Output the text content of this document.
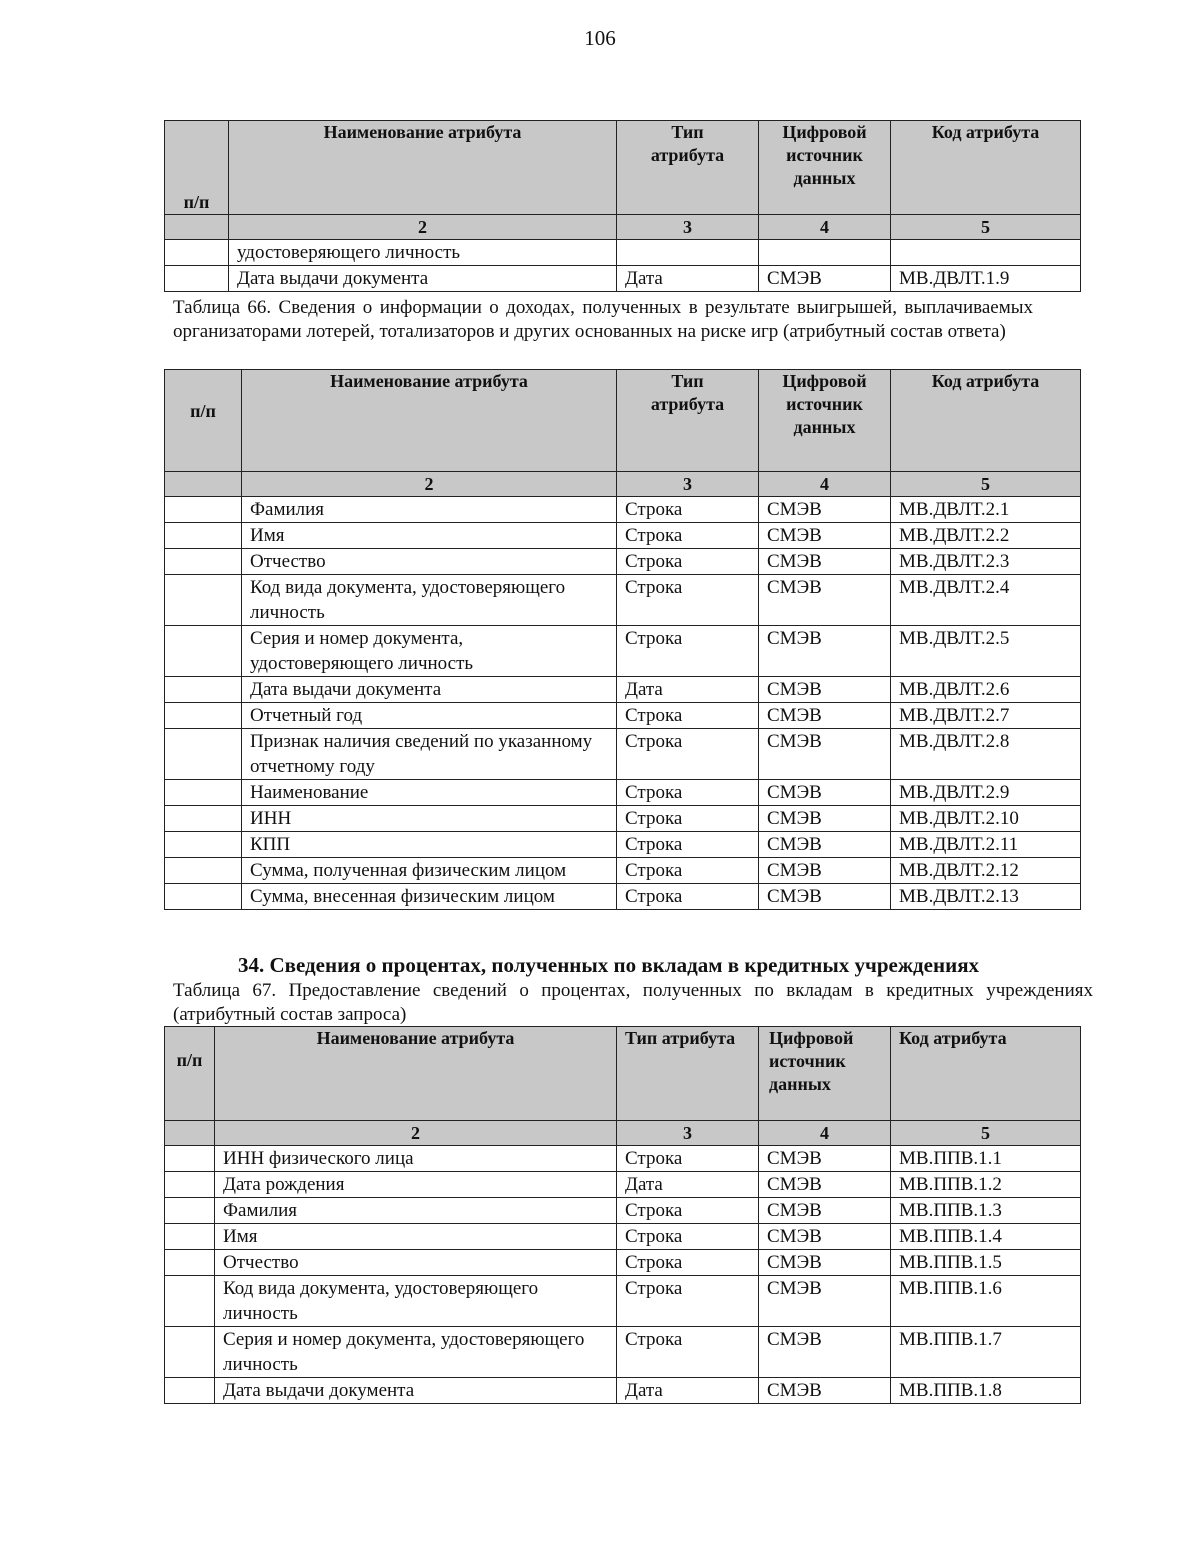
106
п/п	Наименование атрибута	Тип атрибута	Цифровой источник данных	Код атрибута
	2	3	4	5
	удостоверяющего личность			
	Дата выдачи документа	Дата	СМЭВ	МВ.ДВЛТ.1.9
Таблица 66. Сведения о информации о доходах, полученных в результате выигрышей, выплачиваемых организаторами лотерей, тотализаторов и других основанных на риске игр (атрибутный состав ответа)
п/п	Наименование атрибута	Тип атрибута	Цифровой источник данных	Код атрибута
	2	3	4	5
	Фамилия	Строка	СМЭВ	МВ.ДВЛТ.2.1
	Имя	Строка	СМЭВ	МВ.ДВЛТ.2.2
	Отчество	Строка	СМЭВ	МВ.ДВЛТ.2.3
	Код вида документа, удостоверяющего личность	Строка	СМЭВ	МВ.ДВЛТ.2.4
	Серия и номер документа, удостоверяющего личность	Строка	СМЭВ	МВ.ДВЛТ.2.5
	Дата выдачи документа	Дата	СМЭВ	МВ.ДВЛТ.2.6
	Отчетный год	Строка	СМЭВ	МВ.ДВЛТ.2.7
	Признак наличия сведений по указанному отчетному году	Строка	СМЭВ	МВ.ДВЛТ.2.8
	Наименование	Строка	СМЭВ	МВ.ДВЛТ.2.9
	ИНН	Строка	СМЭВ	МВ.ДВЛТ.2.10
	КПП	Строка	СМЭВ	МВ.ДВЛТ.2.11
	Сумма, полученная физическим лицом	Строка	СМЭВ	МВ.ДВЛТ.2.12
	Сумма, внесенная физическим лицом	Строка	СМЭВ	МВ.ДВЛТ.2.13
34. Сведения о процентах, полученных по вкладам в кредитных учреждениях
Таблица 67. Предоставление сведений о процентах, полученных по вкладам в кредитных учреждениях (атрибутный состав запроса)
п/п	Наименование атрибута	Тип атрибута	Цифровой источник данных	Код атрибута
	2	3	4	5
	ИНН физического лица	Строка	СМЭВ	МВ.ППВ.1.1
	Дата рождения	Дата	СМЭВ	МВ.ППВ.1.2
	Фамилия	Строка	СМЭВ	МВ.ППВ.1.3
	Имя	Строка	СМЭВ	МВ.ППВ.1.4
	Отчество	Строка	СМЭВ	МВ.ППВ.1.5
	Код вида документа, удостоверяющего личность	Строка	СМЭВ	МВ.ППВ.1.6
	Серия и номер документа, удостоверяющего личность	Строка	СМЭВ	МВ.ППВ.1.7
	Дата выдачи документа	Дата	СМЭВ	МВ.ППВ.1.8
